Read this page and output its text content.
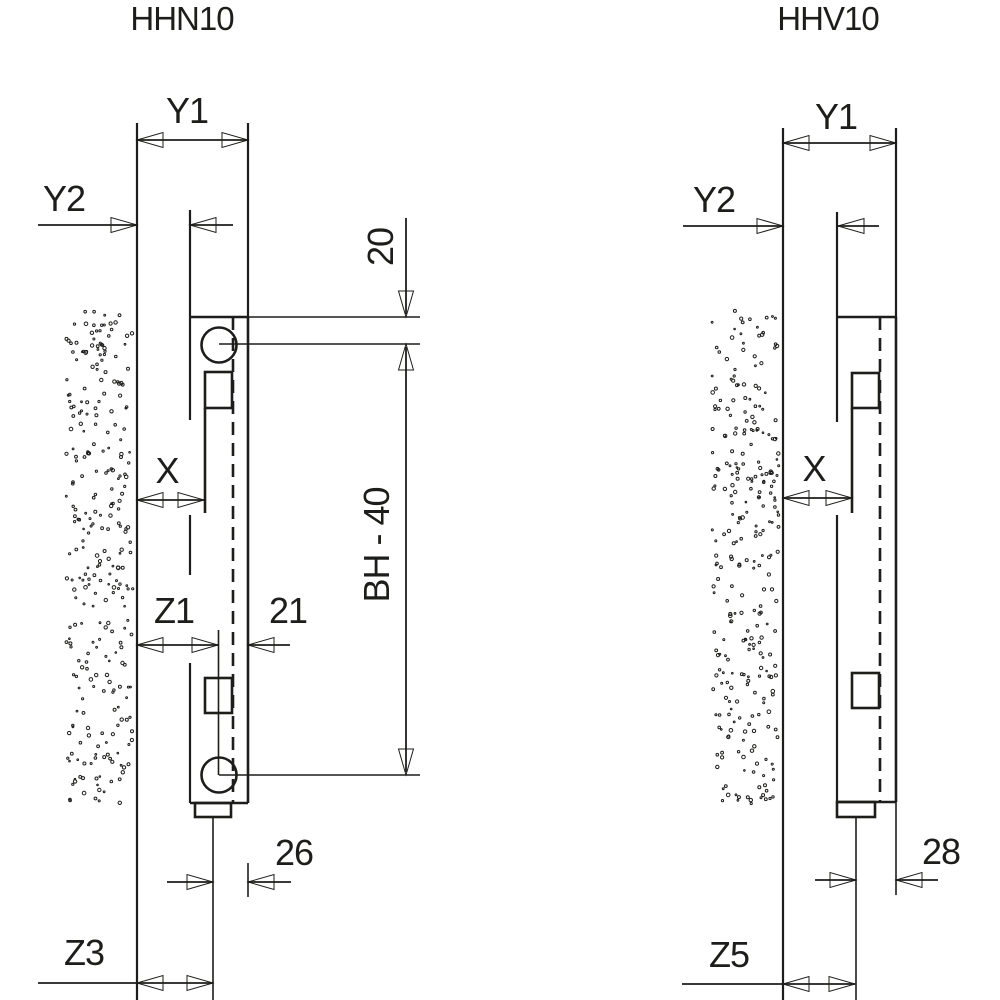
HHN10
20
BH - 40
Y1
Y2
X
Z1 21
26
Z3
HHV10
Y1
Y2
X
28
Z5
